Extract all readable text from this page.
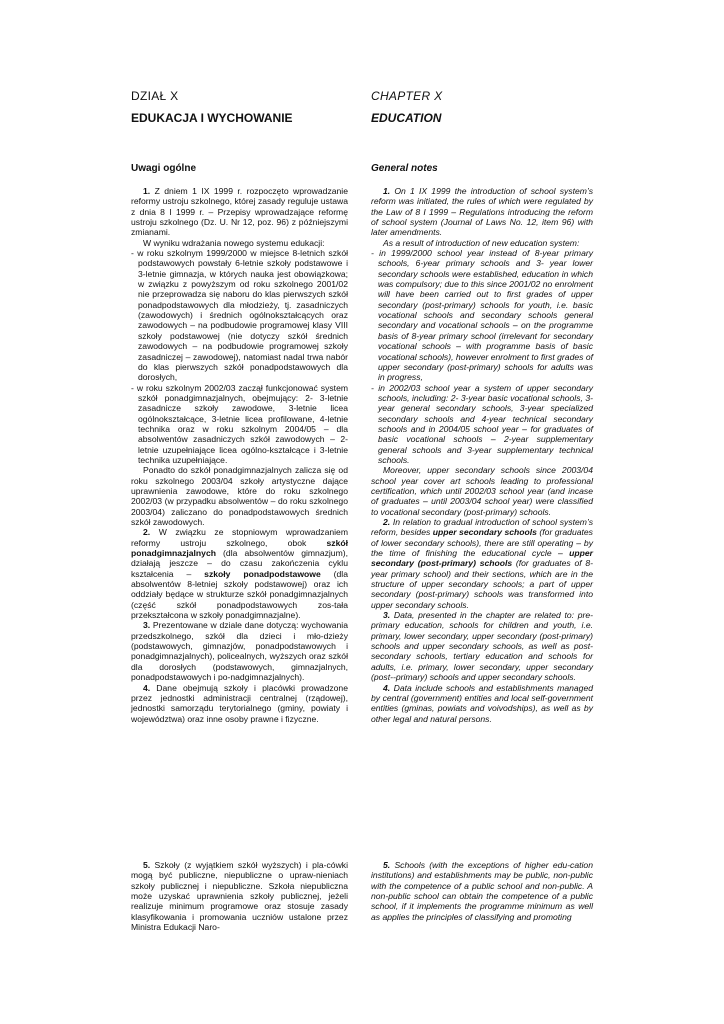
DZIAŁ X
EDUKACJA I WYCHOWANIE
Uwagi ogólne

1. Z dniem 1 IX 1999 r. rozpoczęto wprowadzanie reformy ustroju szkolnego, której zasady reguluje ustawa z dnia 8 I 1999 r. – Przepisy wprowadzające reformę ustroju szkolnego (Dz. U. Nr 12, poz. 96) z późniejszymi zmianami.

W wyniku wdrażania nowego systemu edukacji:

- w roku szkolnym 1999/2000 w miejsce 8-letnich szkół podstawowych powstały 6-letnie szkoły podstawowe i 3-letnie gimnazja, w których nauka jest obowiązkowa; w związku z powyższym od roku szkolnego 2001/02 nie przeprowadza się naboru do klas pierwszych szkół ponadpodstawowych dla młodzieży, tj. zasadniczych (zawodowych) i średnich ogólnokształcących oraz zawodowych – na podbudowie programowej klasy VIII szkoły podstawowej (nie dotyczy szkół średnich zawodowych – na podbudowie programowej szkoły zasadniczej – zawodowej), natomiast nadal trwa nabór do klas pierwszych szkół ponadpodstawowych dla dorosłych,
- w roku szkolnym 2002/03 zaczął funkcjonować system szkół ponadgimnazjalnych, obejmujący: 2- 3-letnie zasadnicze szkoły zawodowe, 3-letnie licea ogólnokształcące, 3-letnie licea profilowane, 4-letnie technika oraz w roku szkolnym 2004/05 – dla absolwentów zasadniczych szkół zawodowych – 2-letnie uzupełniające licea ogólno-kształcące i 3-letnie technika uzupełniające.

Ponadto do szkół ponadgimnazjalnych zalicza się od roku szkolnego 2003/04 szkoły artystyczne dające uprawnienia zawodowe, które do roku szkolnego 2002/03 (w przypadku absolwentów – do roku szkolnego 2003/04) zaliczano do ponadpodstawowych średnich szkół zawodowych.

2. W związku ze stopniowym wprowadzaniem reformy ustroju szkolnego, obok szkół ponadgimnazjalnych (dla absolwentów gimnazjum), działają jeszcze – do czasu zakończenia cyklu kształcenia – szkoły ponadpodstawowe (dla absolwentów 8-letniej szkoły podstawowej) oraz ich oddziały będące w strukturze szkół ponadgimnazjalnych (część szkół ponadpodstawowych zos-tała przekształcona w szkoły ponadgimnazjalne).

3. Prezentowane w dziale dane dotyczą: wychowania przedszkolnego, szkół dla dzieci i mło-dzieży (podstawowych, gimnazjów, ponadpodstawowych i ponadgimnazjalnych), policealnych, wyższych oraz szkół dla dorosłych (podstawowych, gimnazjalnych, ponadpodstawowych i po-nadgimnazjalnych).

4. Dane obejmują szkoły i placówki prowadzone przez jednostki administracji centralnej (rządowej), jednostki samorządu terytorialnego (gminy, powiaty i województwa) oraz inne osoby prawne i fizyczne.

5. Szkoły (z wyjątkiem szkół wyższych) i pla-cówki mogą być publiczne, niepubliczne o upraw-nieniach szkoły publicznej i niepubliczne. Szkoła niepubliczna może uzyskać uprawnienia szkoły publicznej, jeżeli realizuje minimum programowe oraz stosuje zasady klasyfikowania i promowania uczniów ustalone przez Ministra Edukacji Naro-

CHAPTER X
EDUCATION
General notes

1. On 1 IX 1999 the introduction of school system’s reform was initiated, the rules of which were regulated by the Law of 8 I 1999 – Regulations introducing the reform of school system (Journal of Laws No. 12, item 96) with later amendments.

As a result of introduction of new education system:

- in 1999/2000 school year instead of 8-year primary schools, 6-year primary schools and 3- year lower secondary schools were established, education in which was compulsory; due to this since 2001/02 no enrolment will have been carried out to first grades of upper secondary (post-primary) schools for youth, i.e. basic vocational schools and secondary schools general secondary and vocational schools – on the programme basis of 8-year primary school (irrelevant for secondary vocational schools – with programme basis of basic vocational schools), however enrolment to first grades of upper secondary (post-primary) schools for adults was in progress,
- in 2002/03 school year a system of upper secondary schools, including: 2- 3-year basic vocational schools, 3-year general secondary schools, 3-year specialized secondary schools and 4-year technical secondary schools and in 2004/05 school year – for graduates of basic vocational schools – 2-year supplementary general schools and 3-year supplementary technical schools.

Moreover, upper secondary schools since 2003/04 school year cover art schools leading to professional certification, which until 2002/03 school year (and incase of graduates – until 2003/04 school year) were classified to vocational secondary (post-primary) schools.

2. In relation to gradual introduction of school system’s reform, besides upper secondary schools (for graduates of lower secondary schools), there are still operating – by the time of finishing the educational cycle – upper secondary (post-primary) schools (for graduates of 8-year primary school) and their sections, which are in the structure of upper secondary schools; a part of upper secondary (post-primary) schools was transformed into upper secondary schools.

3. Data, presented in the chapter are related to: pre-primary education, schools for children and youth, i.e. primary, lower secondary, upper secondary (post-primary) schools and upper secondary schools, as well as post-secondary schools, tertiary education and schools for adults, i.e. primary, lower secondary, upper secondary (post--primary) schools and upper secondary schools.

4. Data include schools and establishments managed by central (government) entities and local self-government entities (gminas, powiats and voivodships), as well as by other legal and natural persons.

5. Schools (with the exceptions of higher edu-cation institutions) and establishments may be public, non-public with the competence of a public school and non-public. A non-public school can obtain the competence of a public school, if it implements the programme minimum as well as applies the principles of classifying and promoting
